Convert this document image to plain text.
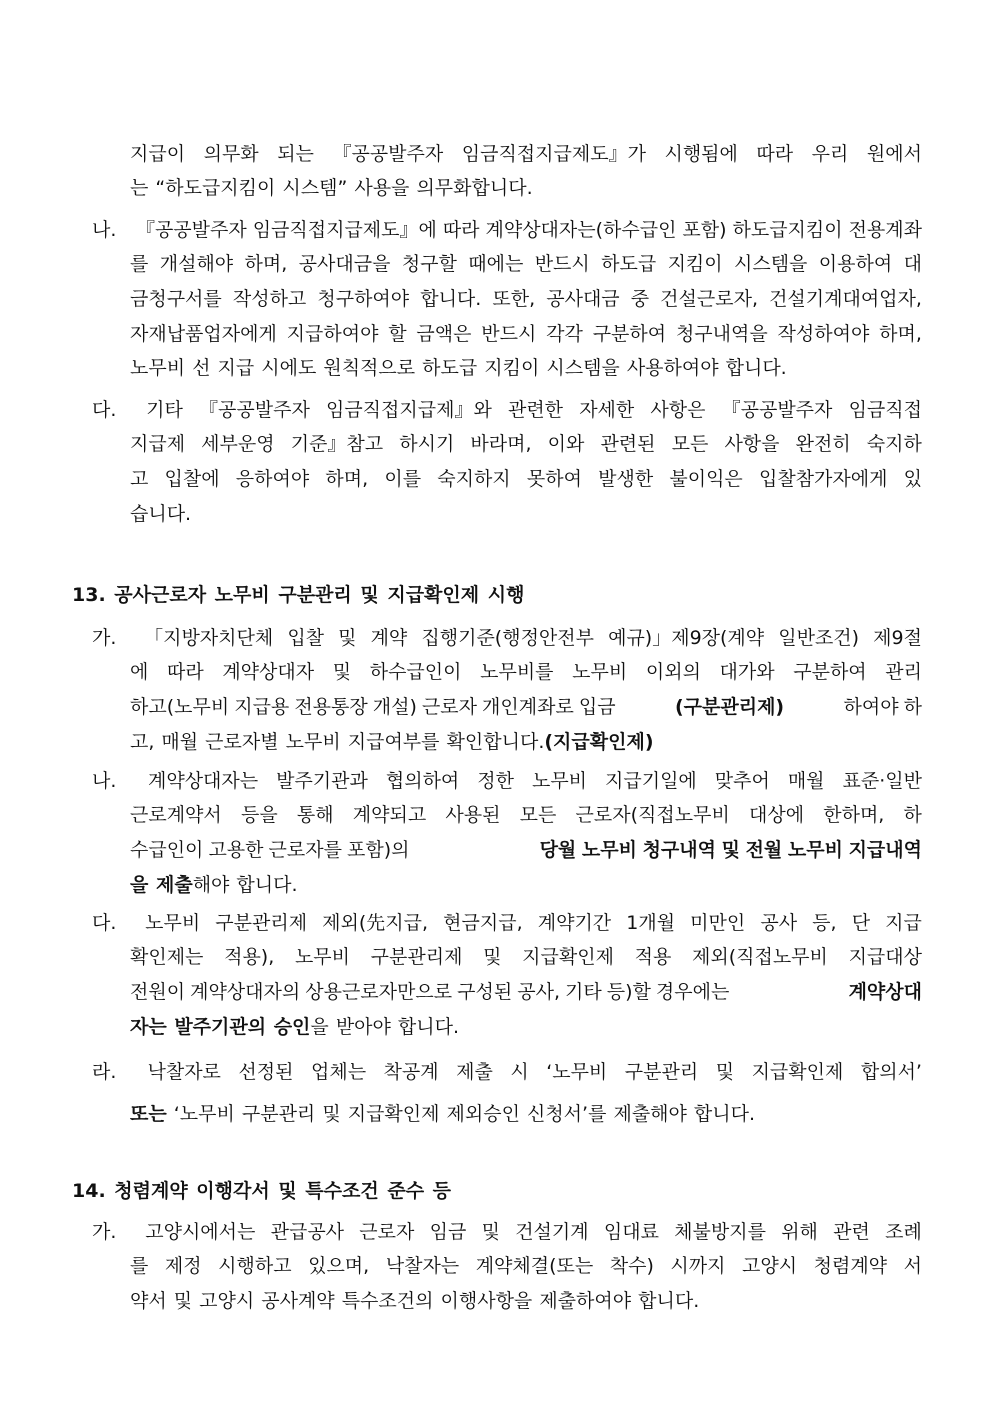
지급이 의무화 되는 『공공발주자 임금직접지급제도』가 시행됨에 따라 우리 원에서
는 “하도급지킴이 시스템” 사용을 의무화합니다.
나.	『공공발주자 임금직접지급제도』에 따라 계약상대자는(하수급인 포함) 하도급지킴이 전용계좌
를 개설해야 하며, 공사대금을 청구할 때에는 반드시 하도급 지킴이 시스템을 이용하여 대
금청구서를 작성하고 청구하여야 합니다. 또한, 공사대금 중 건설근로자, 건설기계대여업자,
자재납품업자에게 지급하여야 할 금액은 반드시 각각 구분하여 청구내역을 작성하여야 하며,
노무비 선 지급 시에도 원칙적으로 하도급 지킴이 시스템을 사용하여야 합니다.
다.	기타 『공공발주자 임금직접지급제』와 관련한 자세한 사항은 『공공발주자 임금직접
지급제 세부운영 기준』참고 하시기 바라며, 이와 관련된 모든 사항을 완전히 숙지하
고 입찰에 응하여야 하며, 이를 숙지하지 못하여 발생한 불이익은 입찰참가자에게 있
습니다.
13. 공사근로자 노무비 구분관리 및 지급확인제 시행
가.	「지방자치단체 입찰 및 계약 집행기준(행정안전부 예규)」제9장(계약 일반조건) 제9절
에 따라 계약상대자 및 하수급인이 노무비를 노무비 이외의 대가와 구분하여 관리
하고(노무비 지급용 전용통장 개설) 근로자 개인계좌로 입금	(구분관리제)	하여야 하
고, 매월 근로자별 노무비 지급여부를 확인합니다. (지급확인제)
나.	계약상대자는 발주기관과 협의하여 정한 노무비 지급기일에 맞추어 매월 표준·일반
근로계약서 등을 통해 계약되고 사용된 모든 근로자(직접노무비 대상에 한하며, 하
수급인이 고용한 근로자를 포함)의	당월 노무비 청구내역 및 전월 노무비 지급내역
을 제출 해야 합니다.
다.	노무비 구분관리제 제외(先지급, 현금지급, 계약기간 1개월 미만인 공사 등, 단 지급
확인제는 적용), 노무비 구분관리제 및 지급확인제 적용 제외(직접노무비 지급대상
전원이 계약상대자의 상용근로자만으로 구성된 공사, 기타 등)할 경우에는	계약상대
자는 발주기관의 승인 을 받아야 합니다.
라.	낙찰자로 선정된 업체는 착공계 제출 시 ‘노무비 구분관리 및 지급확인제 합의서’
또는 ‘노무비 구분관리 및 지급확인제 제외승인 신청서’를 제출해야 합니다.
14. 청렴계약 이행각서 및 특수조건 준수 등
가.	고양시에서는 관급공사 근로자 임금 및 건설기계 임대료 체불방지를 위해 관련 조례
를 제정 시행하고 있으며, 낙찰자는 계약체결(또는 착수) 시까지 고양시 청렴계약 서
약서 및 고양시 공사계약 특수조건의 이행사항을 제출하여야 합니다.
